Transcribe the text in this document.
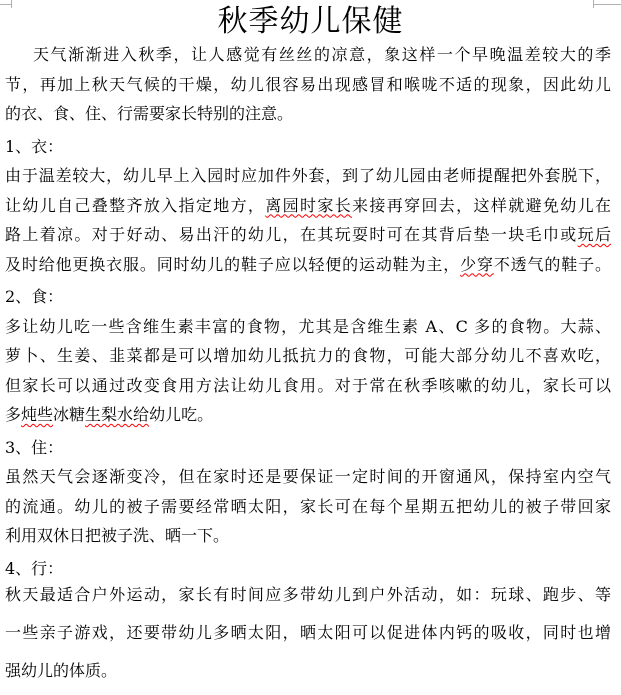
秋季幼儿保健
天气渐渐进入秋季，让人感觉有丝丝的凉意，象这样一个早晚温差较大的季
节，再加上秋天气候的干燥，幼儿很容易出现感冒和喉咙不适的现象，因此幼儿
的衣、食、住、行需要家长特别的注意。
1、衣：
由于温差较大，幼儿早上入园时应加件外套，到了幼儿园由老师提醒把外套脱下，
让幼儿自己叠整齐放入指定地方，离园时家长来接再穿回去，这样就避免幼儿在
路上着凉。对于好动、易出汗的幼儿，在其玩耍时可在其背后垫一块毛巾或玩后
及时给他更换衣服。同时幼儿的鞋子应以轻便的运动鞋为主，少穿不透气的鞋子。
2、食：
多让幼儿吃一些含维生素丰富的食物，尤其是含维生素 A、C 多的食物。大蒜、
萝卜、生姜、韭菜都是可以增加幼儿抵抗力的食物，可能大部分幼儿不喜欢吃，
但家长可以通过改变食用方法让幼儿食用。对于常在秋季咳嗽的幼儿，家长可以
多炖些冰糖生梨水给幼儿吃。
3、住：
虽然天气会逐渐变冷，但在家时还是要保证一定时间的开窗通风，保持室内空气
的流通。幼儿的被子需要经常晒太阳，家长可在每个星期五把幼儿的被子带回家
利用双休日把被子洗、晒一下。
4、行：
秋天最适合户外运动，家长有时间应多带幼儿到户外活动，如：玩球、跑步、等
一些亲子游戏，还要带幼儿多晒太阳，晒太阳可以促进体内钙的吸收，同时也增
强幼儿的体质。
